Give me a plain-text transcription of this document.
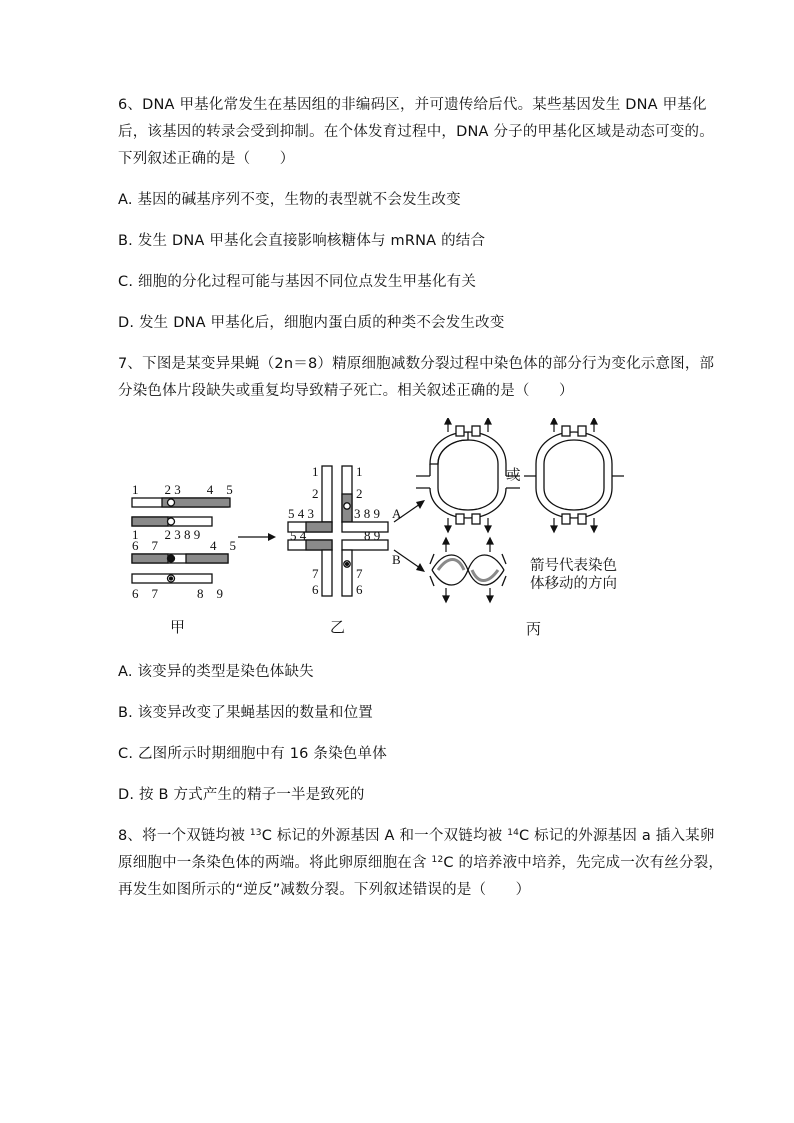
6、DNA 甲基化常发生在基因组的非编码区，并可遗传给后代。某些基因发生 DNA 甲基化
后，该基因的转录会受到抑制。在个体发育过程中，DNA 分子的甲基化区域是动态可变的。
下列叙述正确的是（　　）
A. 基因的碱基序列不变，生物的表型就不会发生改变
B. 发生 DNA 甲基化会直接影响核糖体与 mRNA 的结合
C. 细胞的分化过程可能与基因不同位点发生甲基化有关
D. 发生 DNA 甲基化后，细胞内蛋白质的种类不会发生改变
7、下图是某变异果蝇（2n＝8）精原细胞减数分裂过程中染色体的部分行为变化示意图，部
分染色体片段缺失或重复均导致精子死亡。相关叙述正确的是（　　）
1　　2 3　　4　5
1　　2 3 8 9
6　7　　　　4　5
6　7　　　8　9
甲
1
2
1
2
5 4 3	3 8 9
5 4	8 9
7
6
7
6
乙
A
B
或
箭号代表染色
体移动的方向
丙
A. 该变异的类型是染色体缺失
B. 该变异改变了果蝇基因的数量和位置
C. 乙图所示时期细胞中有 16 条染色单体
D. 按 B 方式产生的精子一半是致死的
8、将一个双链均被 $^{13}$C 标记的外源基因 A 和一个双链均被 $^{14}$C 标记的外源基因 a 插入某卵
原细胞中一条染色体的两端。将此卵原细胞在含 $^{12}$C 的培养液中培养，先完成一次有丝分裂，
再发生如图所示的“逆反”减数分裂。下列叙述错误的是（　　）
